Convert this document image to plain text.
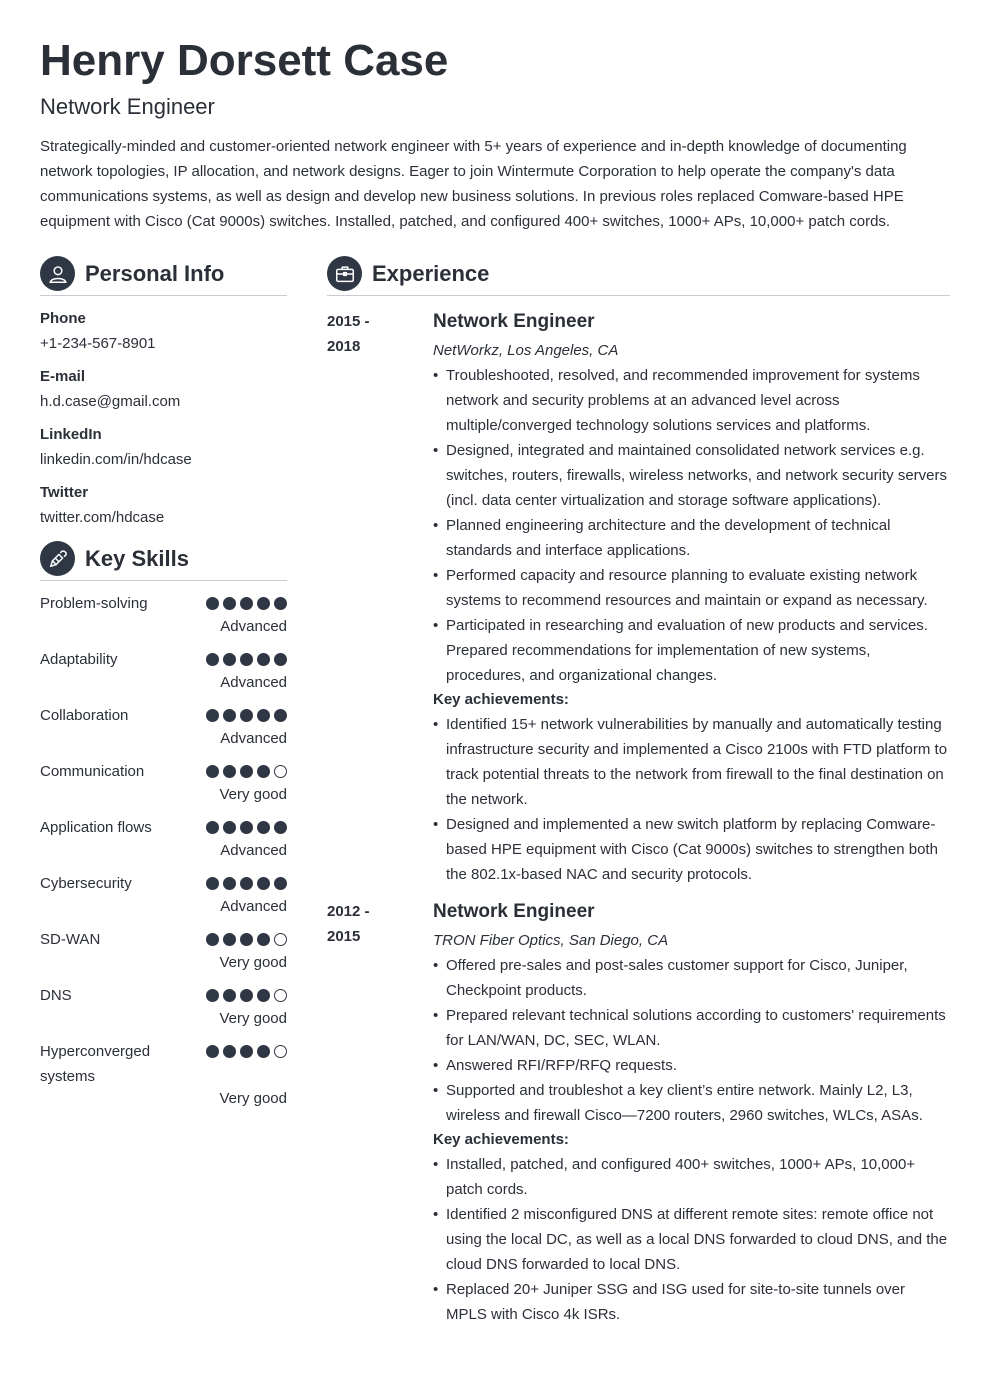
Henry Dorsett Case
Network Engineer
Strategically-minded and customer-oriented network engineer with 5+ years of experience and in-depth knowledge of documenting network topologies, IP allocation, and network designs. Eager to join Wintermute Corporation to help operate the company's data communications systems, as well as design and develop new business solutions. In previous roles replaced Comware-based HPE equipment with Cisco (Cat 9000s) switches. Installed, patched, and configured 400+ switches, 1000+ APs, 10,000+ patch cords.
Personal Info
Phone
+1-234-567-8901
E-mail
h.d.case@gmail.com
LinkedIn
linkedin.com/in/hdcase
Twitter
twitter.com/hdcase
Key Skills
Problem-solving
Advanced
Adaptability
Advanced
Collaboration
Advanced
Communication
Very good
Application flows
Advanced
Cybersecurity
Advanced
SD-WAN
Very good
DNS
Very good
Hyperconverged systems
Very good
Experience
2015 -
2018
Network Engineer
NetWorkz, Los Angeles, CA
• Troubleshooted, resolved, and recommended improvement for systems network and security problems at an advanced level across multiple/converged technology solutions services and platforms.
• Designed, integrated and maintained consolidated network services e.g. switches, routers, firewalls, wireless networks, and network security servers (incl. data center virtualization and storage software applications).
• Planned engineering architecture and the development of technical standards and interface applications.
• Performed capacity and resource planning to evaluate existing network systems to recommend resources and maintain or expand as necessary.
• Participated in researching and evaluation of new products and services. Prepared recommendations for implementation of new systems, procedures, and organizational changes.
Key achievements:
• Identified 15+ network vulnerabilities by manually and automatically testing infrastructure security and implemented a Cisco 2100s with FTD platform to track potential threats to the network from firewall to the final destination on the network.
• Designed and implemented a new switch platform by replacing Comware-based HPE equipment with Cisco (Cat 9000s) switches to strengthen both the 802.1x-based NAC and security protocols.
2012 -
2015
Network Engineer
TRON Fiber Optics, San Diego, CA
• Offered pre-sales and post-sales customer support for Cisco, Juniper, Checkpoint products.
• Prepared relevant technical solutions according to customers' requirements for LAN/WAN, DC, SEC, WLAN.
• Answered RFI/RFP/RFQ requests.
• Supported and troubleshot a key client’s entire network. Mainly L2, L3, wireless and firewall Cisco—7200 routers, 2960 switches, WLCs, ASAs.
Key achievements:
• Installed, patched, and configured 400+ switches, 1000+ APs, 10,000+ patch cords.
• Identified 2 misconfigured DNS at different remote sites: remote office not using the local DC, as well as a local DNS forwarded to cloud DNS, and the cloud DNS forwarded to local DNS.
• Replaced 20+ Juniper SSG and ISG used for site-to-site tunnels over MPLS with Cisco 4k ISRs.
